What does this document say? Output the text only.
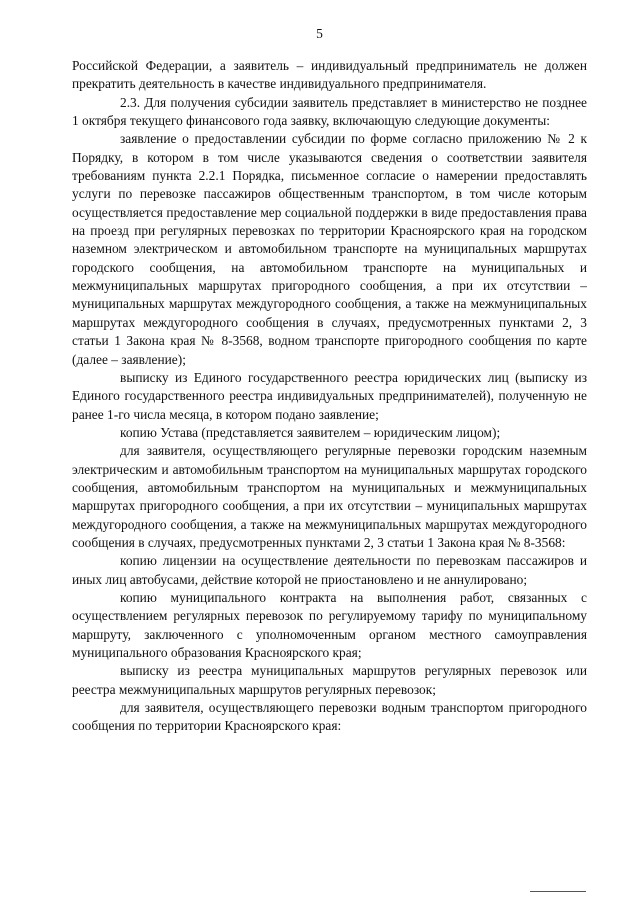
5

Российской Федерации, а заявитель – индивидуальный предприниматель не должен прекратить деятельность в качестве индивидуального предпринимателя.

2.3. Для получения субсидии заявитель представляет в министерство не позднее 1 октября текущего финансового года заявку, включающую следующие документы:

заявление о предоставлении субсидии по форме согласно приложению № 2 к Порядку, в котором в том числе указываются сведения о соответствии заявителя требованиям пункта 2.2.1 Порядка, письменное согласие о намерении предоставлять услуги по перевозке пассажиров общественным транспортом, в том числе которым осуществляется предоставление мер социальной поддержки в виде предоставления права на проезд при регулярных перевозках по территории Красноярского края на городском наземном электрическом и автомобильном транспорте на муниципальных маршрутах городского сообщения, на автомобильном транспорте на муниципальных и межмуниципальных маршрутах пригородного сообщения, а при их отсутствии – муниципальных маршрутах междугородного сообщения, а также на межмуниципальных маршрутах междугородного сообщения в случаях, предусмотренных пунктами 2, 3 статьи 1 Закона края № 8-3568, водном транспорте пригородного сообщения по карте (далее – заявление);

выписку из Единого государственного реестра юридических лиц (выписку из Единого государственного реестра индивидуальных предпринимателей), полученную не ранее 1-го числа месяца, в котором подано заявление;

копию Устава (представляется заявителем – юридическим лицом);

для заявителя, осуществляющего регулярные перевозки городским наземным электрическим и автомобильным транспортом на муниципальных маршрутах городского сообщения, автомобильным транспортом на муниципальных и межмуниципальных маршрутах пригородного сообщения, а при их отсутствии – муниципальных маршрутах междугородного сообщения, а также на межмуниципальных маршрутах междугородного сообщения в случаях, предусмотренных пунктами 2, 3 статьи 1 Закона края № 8-3568:

копию лицензии на осуществление деятельности по перевозкам пассажиров и иных лиц автобусами, действие которой не приостановлено и не аннулировано;

копию муниципального контракта на выполнения работ, связанных с осуществлением регулярных перевозок по регулируемому тарифу по муниципальному маршруту, заключенного с уполномоченным органом местного самоуправления муниципального образования Красноярского края;

выписку из реестра муниципальных маршрутов регулярных перевозок или реестра межмуниципальных маршрутов регулярных перевозок;

для заявителя, осуществляющего перевозки водным транспортом пригородного сообщения по территории Красноярского края:
